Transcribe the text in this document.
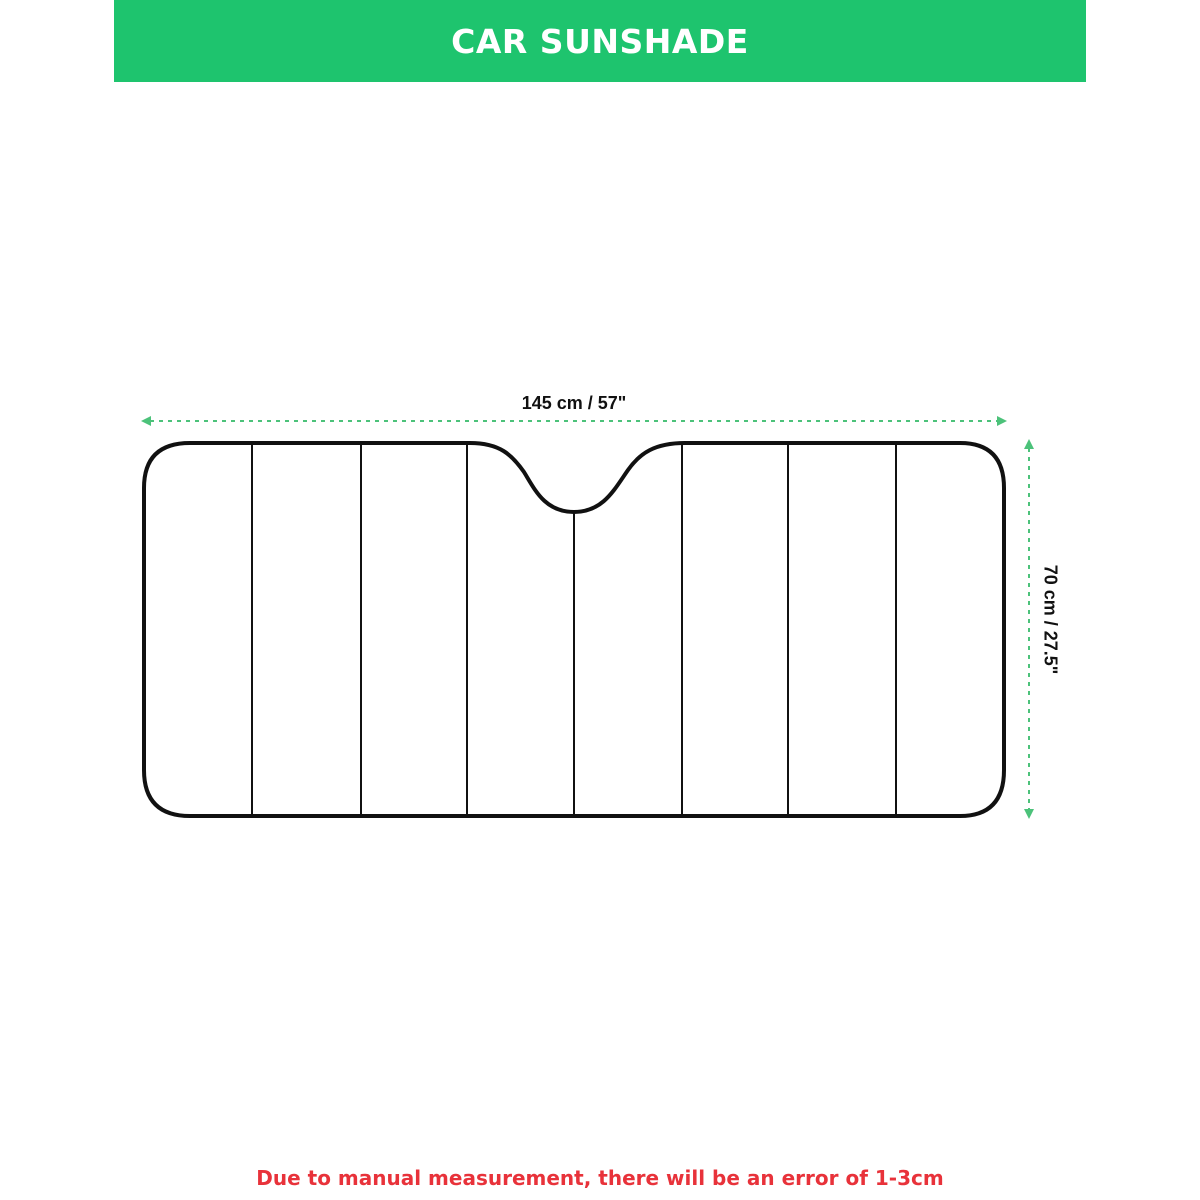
CAR SUNSHADE
145 cm / 57"
70 cm / 27.5"
Due to manual measurement, there will be an error of 1-3cm
